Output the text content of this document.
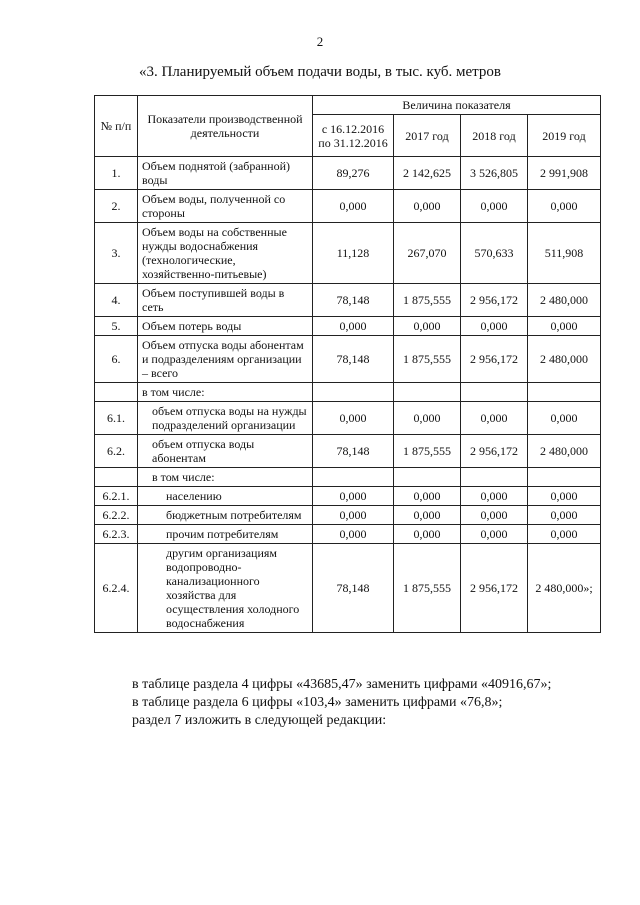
2
«3. Планируемый объем подачи воды, в тыс. куб. метров
№ п/п	Показатели производственной деятельности	Величина показателя			
		с 16.12.2016 по 31.12.2016	2017 год	2018 год	2019 год
1.	Объем поднятой (забранной) воды	89,276	2 142,625	3 526,805	2 991,908
2.	Объем воды, полученной со стороны	0,000	0,000	0,000	0,000
3.	Объем воды на собственные нужды водоснабжения (технологические, хозяйственно-питьевые)	11,128	267,070	570,633	511,908
4.	Объем поступившей воды в сеть	78,148	1 875,555	2 956,172	2 480,000
5.	Объем потерь воды	0,000	0,000	0,000	0,000
6.	Объем отпуска воды абонентам и подразделениям организации – всего	78,148	1 875,555	2 956,172	2 480,000
	в том числе:				
6.1.	объем отпуска воды на нужды подразделений организации	0,000	0,000	0,000	0,000
6.2.	объем отпуска воды абонентам	78,148	1 875,555	2 956,172	2 480,000
	в том числе:				
6.2.1.	населению	0,000	0,000	0,000	0,000
6.2.2.	бюджетным потребителям	0,000	0,000	0,000	0,000
6.2.3.	прочим потребителям	0,000	0,000	0,000	0,000
6.2.4.	другим организациям водопроводно-канализационного хозяйства для осуществления холодного водоснабжения	78,148	1 875,555	2 956,172	2 480,000»;
в таблице раздела 4 цифры «43685,47» заменить цифрами «40916,67»;
в таблице раздела 6 цифры «103,4» заменить цифрами «76,8»;
раздел 7 изложить в следующей редакции:
